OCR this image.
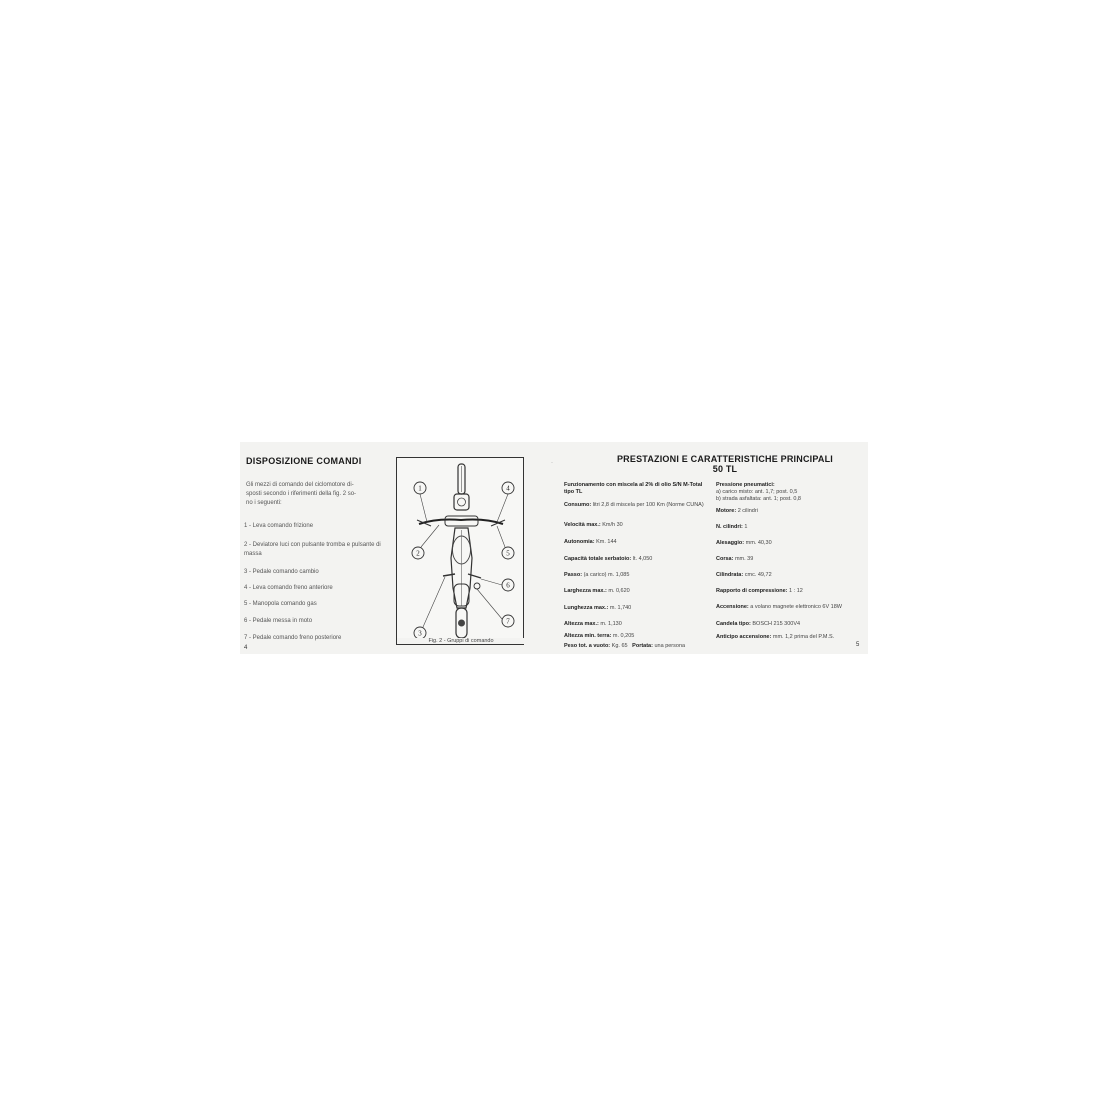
DISPOSIZIONE COMANDI
Gli mezzi di comando del ciclomotore di-
sposti secondo i riferimenti della fig. 2 so-
no i seguenti:
1 - Leva comando frizione
2 - Deviatore luci con pulsante tromba e pulsante di massa
3 - Pedale comando cambio
4 - Leva comando freno anteriore
5 - Manopola comando gas
6 - Pedale messa in moto
7 - Pedale comando freno posteriore
4
1	4
2	5
6
3
7
Fig. 2 - Gruppi di comando
·	PRESTAZIONI E CARATTERISTICHE PRINCIPALI
50 TL
Funzionamento con miscela al 2% di olio S/N M-Total tipo TL
Consumo: litri 2,8 di miscela per 100 Km (Norme CUNA)
Velocità max.: Km/h 30
Autonomia: Km. 144
Capacità totale serbatoio: lt. 4,050
Passo: (a carico) m. 1,085
Larghezza max.: m. 0,620
Lunghezza max.: m. 1,740
Altezza max.: m. 1,130
Altezza min. terra: m. 0,205
Peso tot. a vuoto: Kg. 65 Portata: una persona
Pressione pneumatici:
a) carico misto: ant. 1,7; post. 0,5
b) strada asfaltata: ant. 1; post. 0,8
Motore: 2 cilindri
N. cilindri: 1
Alesaggio: mm. 40,30
Corsa: mm. 39
Cilindrata: cmc. 49,72
Rapporto di compressione: 1 : 12
Accensione: a volano magnete elettronico 6V 18W
Candela tipo: BOSCH 215 300V4
Anticipo accensione: mm. 1,2 prima del P.M.S.
5
